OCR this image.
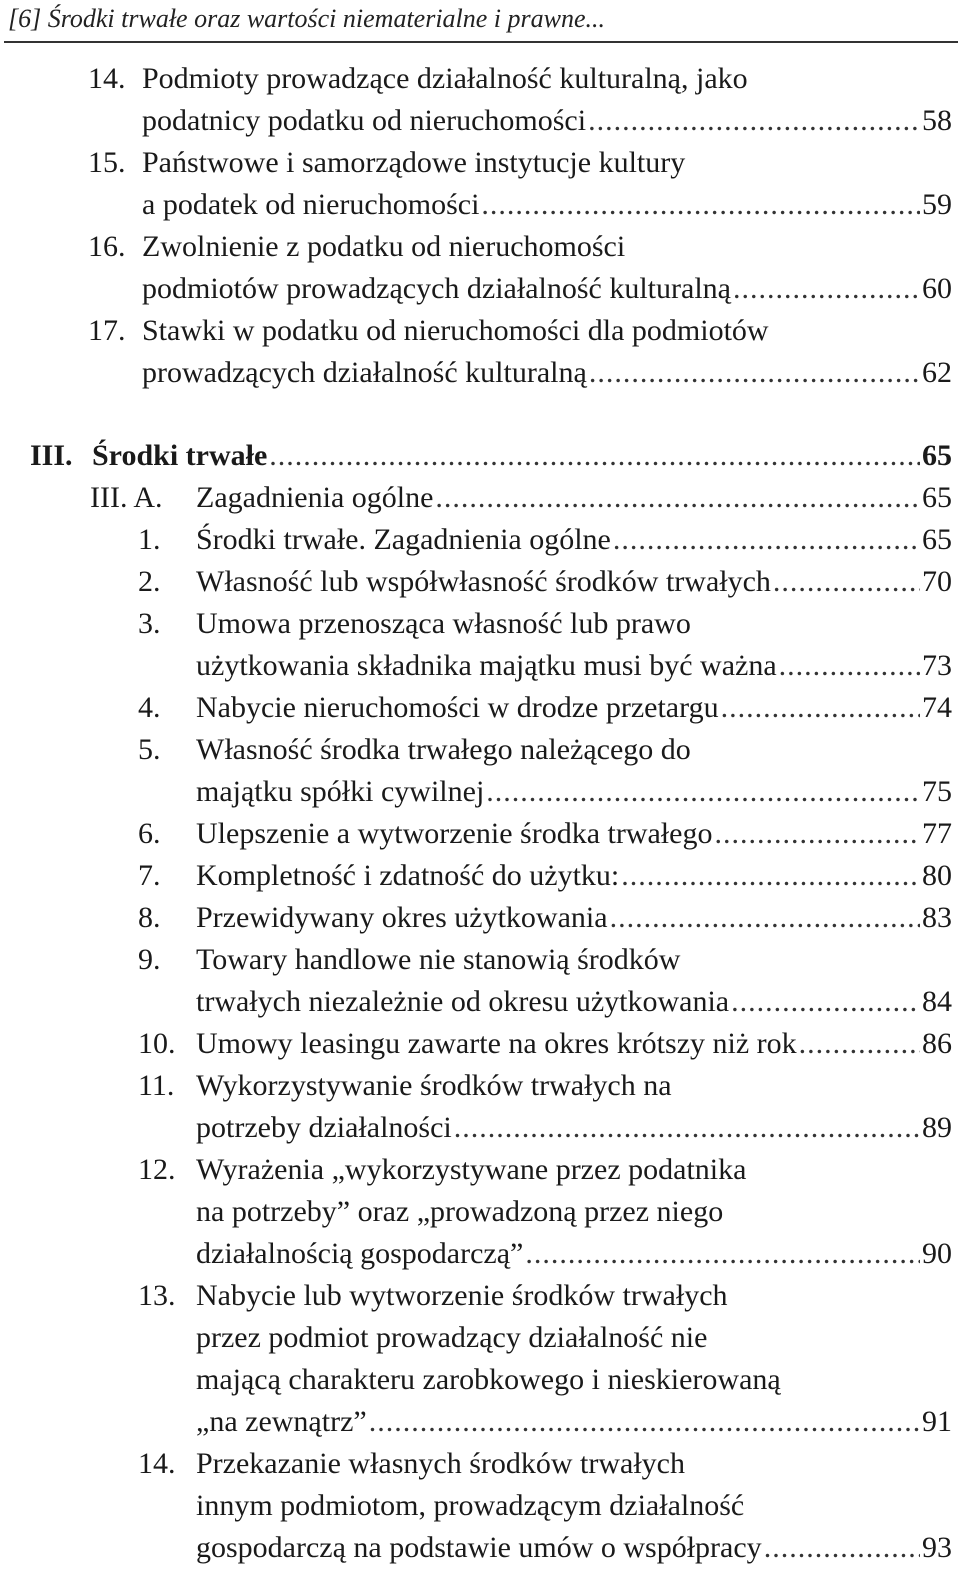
[6] Środki trwałe oraz wartości niematerialne i prawne...
14. Podmioty prowadzące działalność kulturalną, jako
podatnicy podatku od nieruchomości .....	58
15. Państwowe i samorządowe instytucje kultury
a podatek od nieruchomości .....	59
16. Zwolnienie z podatku od nieruchomości
podmiotów prowadzących działalność kulturalną .....	60
17. Stawki w podatku od nieruchomości dla podmiotów
prowadzących działalność kulturalną .....	62
III. Środki trwałe .....	65
III. A. Zagadnienia ogólne .....	65
1. Środki trwałe. Zagadnienia ogólne .....	65
2. Własność lub współwłasność środków trwałych .....	70
3. Umowa przenosząca własność lub prawo
użytkowania składnika majątku musi być ważna .....	73
4. Nabycie nieruchomości w drodze przetargu .....	74
5. Własność środka trwałego należącego do
majątku spółki cywilnej .....	75
6. Ulepszenie a wytworzenie środka trwałego .....	77
7. Kompletność i zdatność do użytku: .....	80
8. Przewidywany okres użytkowania .....	83
9. Towary handlowe nie stanowią środków
trwałych niezależnie od okresu użytkowania .....	84
10. Umowy leasingu zawarte na okres krótszy niż rok .....	86
11. Wykorzystywanie środków trwałych na
potrzeby działalności .....	89
12. Wyrażenia „wykorzystywane przez podatnika
na potrzeby” oraz „prowadzoną przez niego
działalnością gospodarczą” .....	90
13. Nabycie lub wytworzenie środków trwałych
przez podmiot prowadzący działalność nie
mającą charakteru zarobkowego i nieskierowaną
„na zewnątrz” .....	91
14. Przekazanie własnych środków trwałych
innym podmiotom, prowadzącym działalność
gospodarczą na podstawie umów o współpracy .....	93
